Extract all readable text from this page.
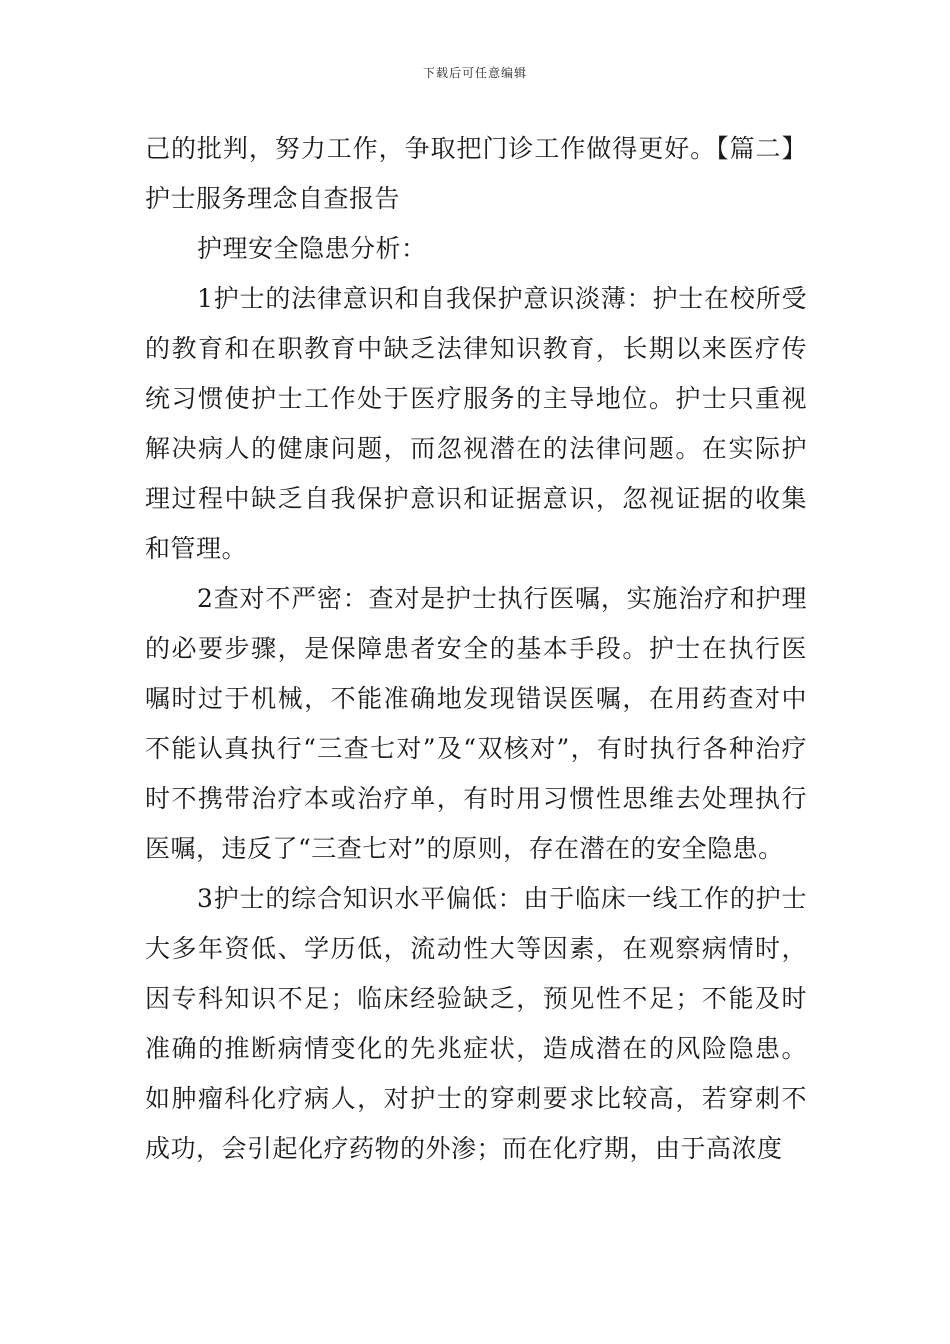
下载后可任意编辑

己的批判，努力工作，争取把门诊工作做得更好。【篇二】护士服务理念自查报告

护理安全隐患分析：

1护士的法律意识和自我保护意识淡薄：护士在校所受的教育和在职教育中缺乏法律知识教育，长期以来医疗传统习惯使护士工作处于医疗服务的主导地位。护士只重视解决病人的健康问题，而忽视潜在的法律问题。在实际护理过程中缺乏自我保护意识和证据意识，忽视证据的收集和管理。

2查对不严密：查对是护士执行医嘱，实施治疗和护理的必要步骤，是保障患者安全的基本手段。护士在执行医嘱时过于机械，不能准确地发现错误医嘱，在用药查对中不能认真执行“三查七对”及“双核对”，有时执行各种治疗时不携带治疗本或治疗单，有时用习惯性思维去处理执行医嘱，违反了“三查七对”的原则，存在潜在的安全隐患。

3护士的综合知识水平偏低：由于临床一线工作的护士大多年资低、学历低，流动性大等因素，在观察病情时，因专科知识不足；临床经验缺乏，预见性不足；不能及时准确的推断病情变化的先兆症状，造成潜在的风险隐患。如肿瘤科化疗病人，对护士的穿刺要求比较高，若穿刺不成功，会引起化疗药物的外渗；而在化疗期，由于高浓度
